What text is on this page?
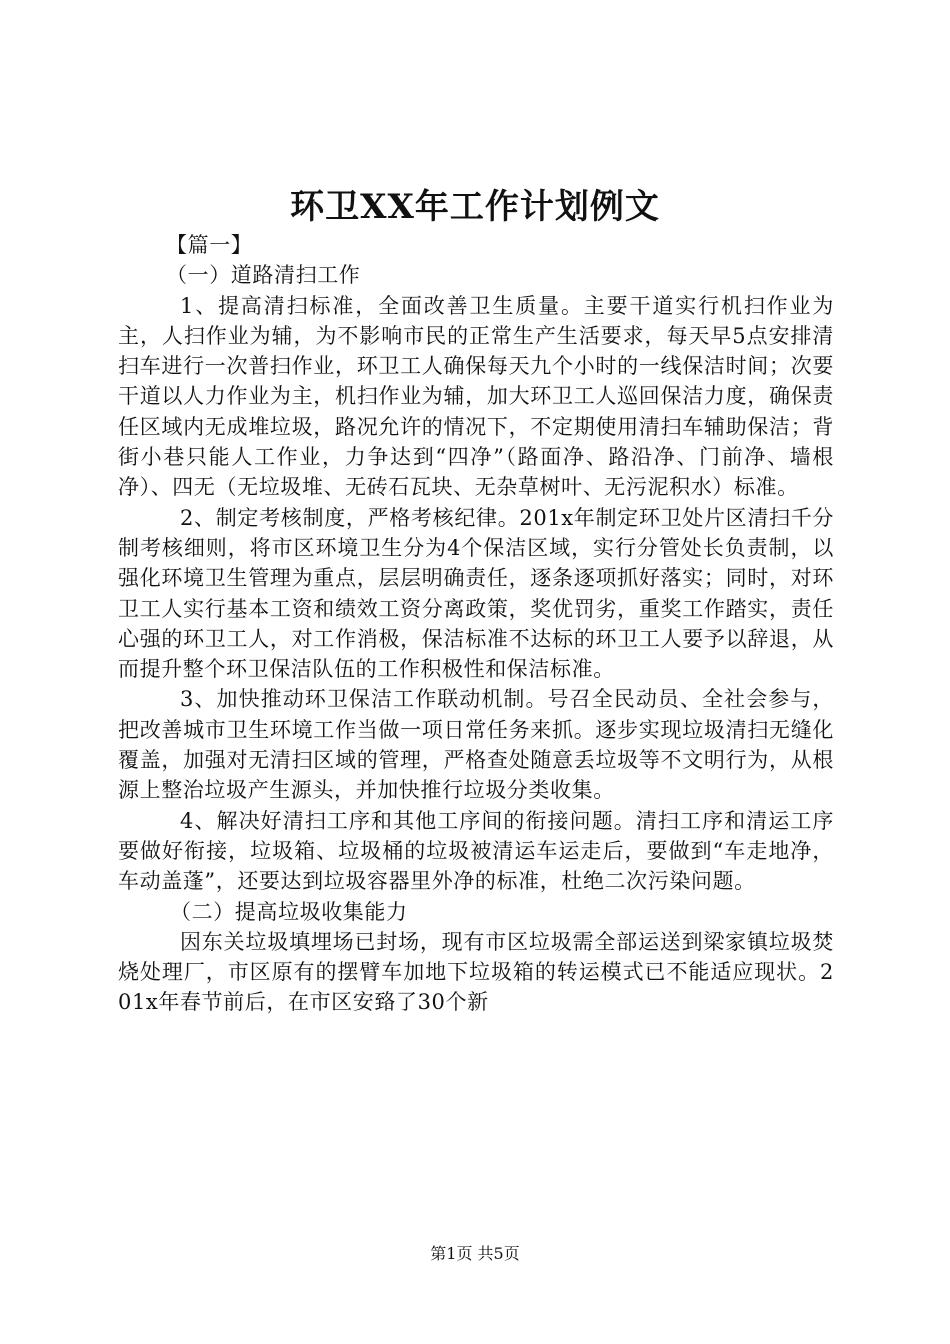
环卫XX年工作计划例文

【篇一】

（一）道路清扫工作

1、提高清扫标准，全面改善卫生质量。主要干道实行机扫作业为主，人扫作业为辅，为不影响市民的正常生产生活要求，每天早5点安排清扫车进行一次普扫作业，环卫工人确保每天九个小时的一线保洁时间；次要干道以人力作业为主，机扫作业为辅，加大环卫工人巡回保洁力度，确保责任区域内无成堆垃圾，路况允许的情况下，不定期使用清扫车辅助保洁；背街小巷只能人工作业，力争达到“四净”（路面净、路沿净、门前净、墙根净）、四无（无垃圾堆、无砖石瓦块、无杂草树叶、无污泥积水）标准。

2、制定考核制度，严格考核纪律。201x年制定环卫处片区清扫千分制考核细则，将市区环境卫生分为4个保洁区域，实行分管处长负责制，以强化环境卫生管理为重点，层层明确责任，逐条逐项抓好落实；同时，对环卫工人实行基本工资和绩效工资分离政策，奖优罚劣，重奖工作踏实，责任心强的环卫工人，对工作消极，保洁标准不达标的环卫工人要予以辞退，从而提升整个环卫保洁队伍的工作积极性和保洁标准。

3、加快推动环卫保洁工作联动机制。号召全民动员、全社会参与，把改善城市卫生环境工作当做一项日常任务来抓。逐步实现垃圾清扫无缝化覆盖，加强对无清扫区域的管理，严格查处随意丢垃圾等不文明行为，从根源上整治垃圾产生源头，并加快推行垃圾分类收集。

4、解决好清扫工序和其他工序间的衔接问题。清扫工序和清运工序要做好衔接，垃圾箱、垃圾桶的垃圾被清运车运走后，要做到“车走地净，车动盖蓬”，还要达到垃圾容器里外净的标准，杜绝二次污染问题。

（二）提高垃圾收集能力

因东关垃圾填埋场已封场，现有市区垃圾需全部运送到梁家镇垃圾焚烧处理厂，市区原有的摆臂车加地下垃圾箱的转运模式已不能适应现状。201x年春节前后，在市区安臵了30个新

第1页 共5页
